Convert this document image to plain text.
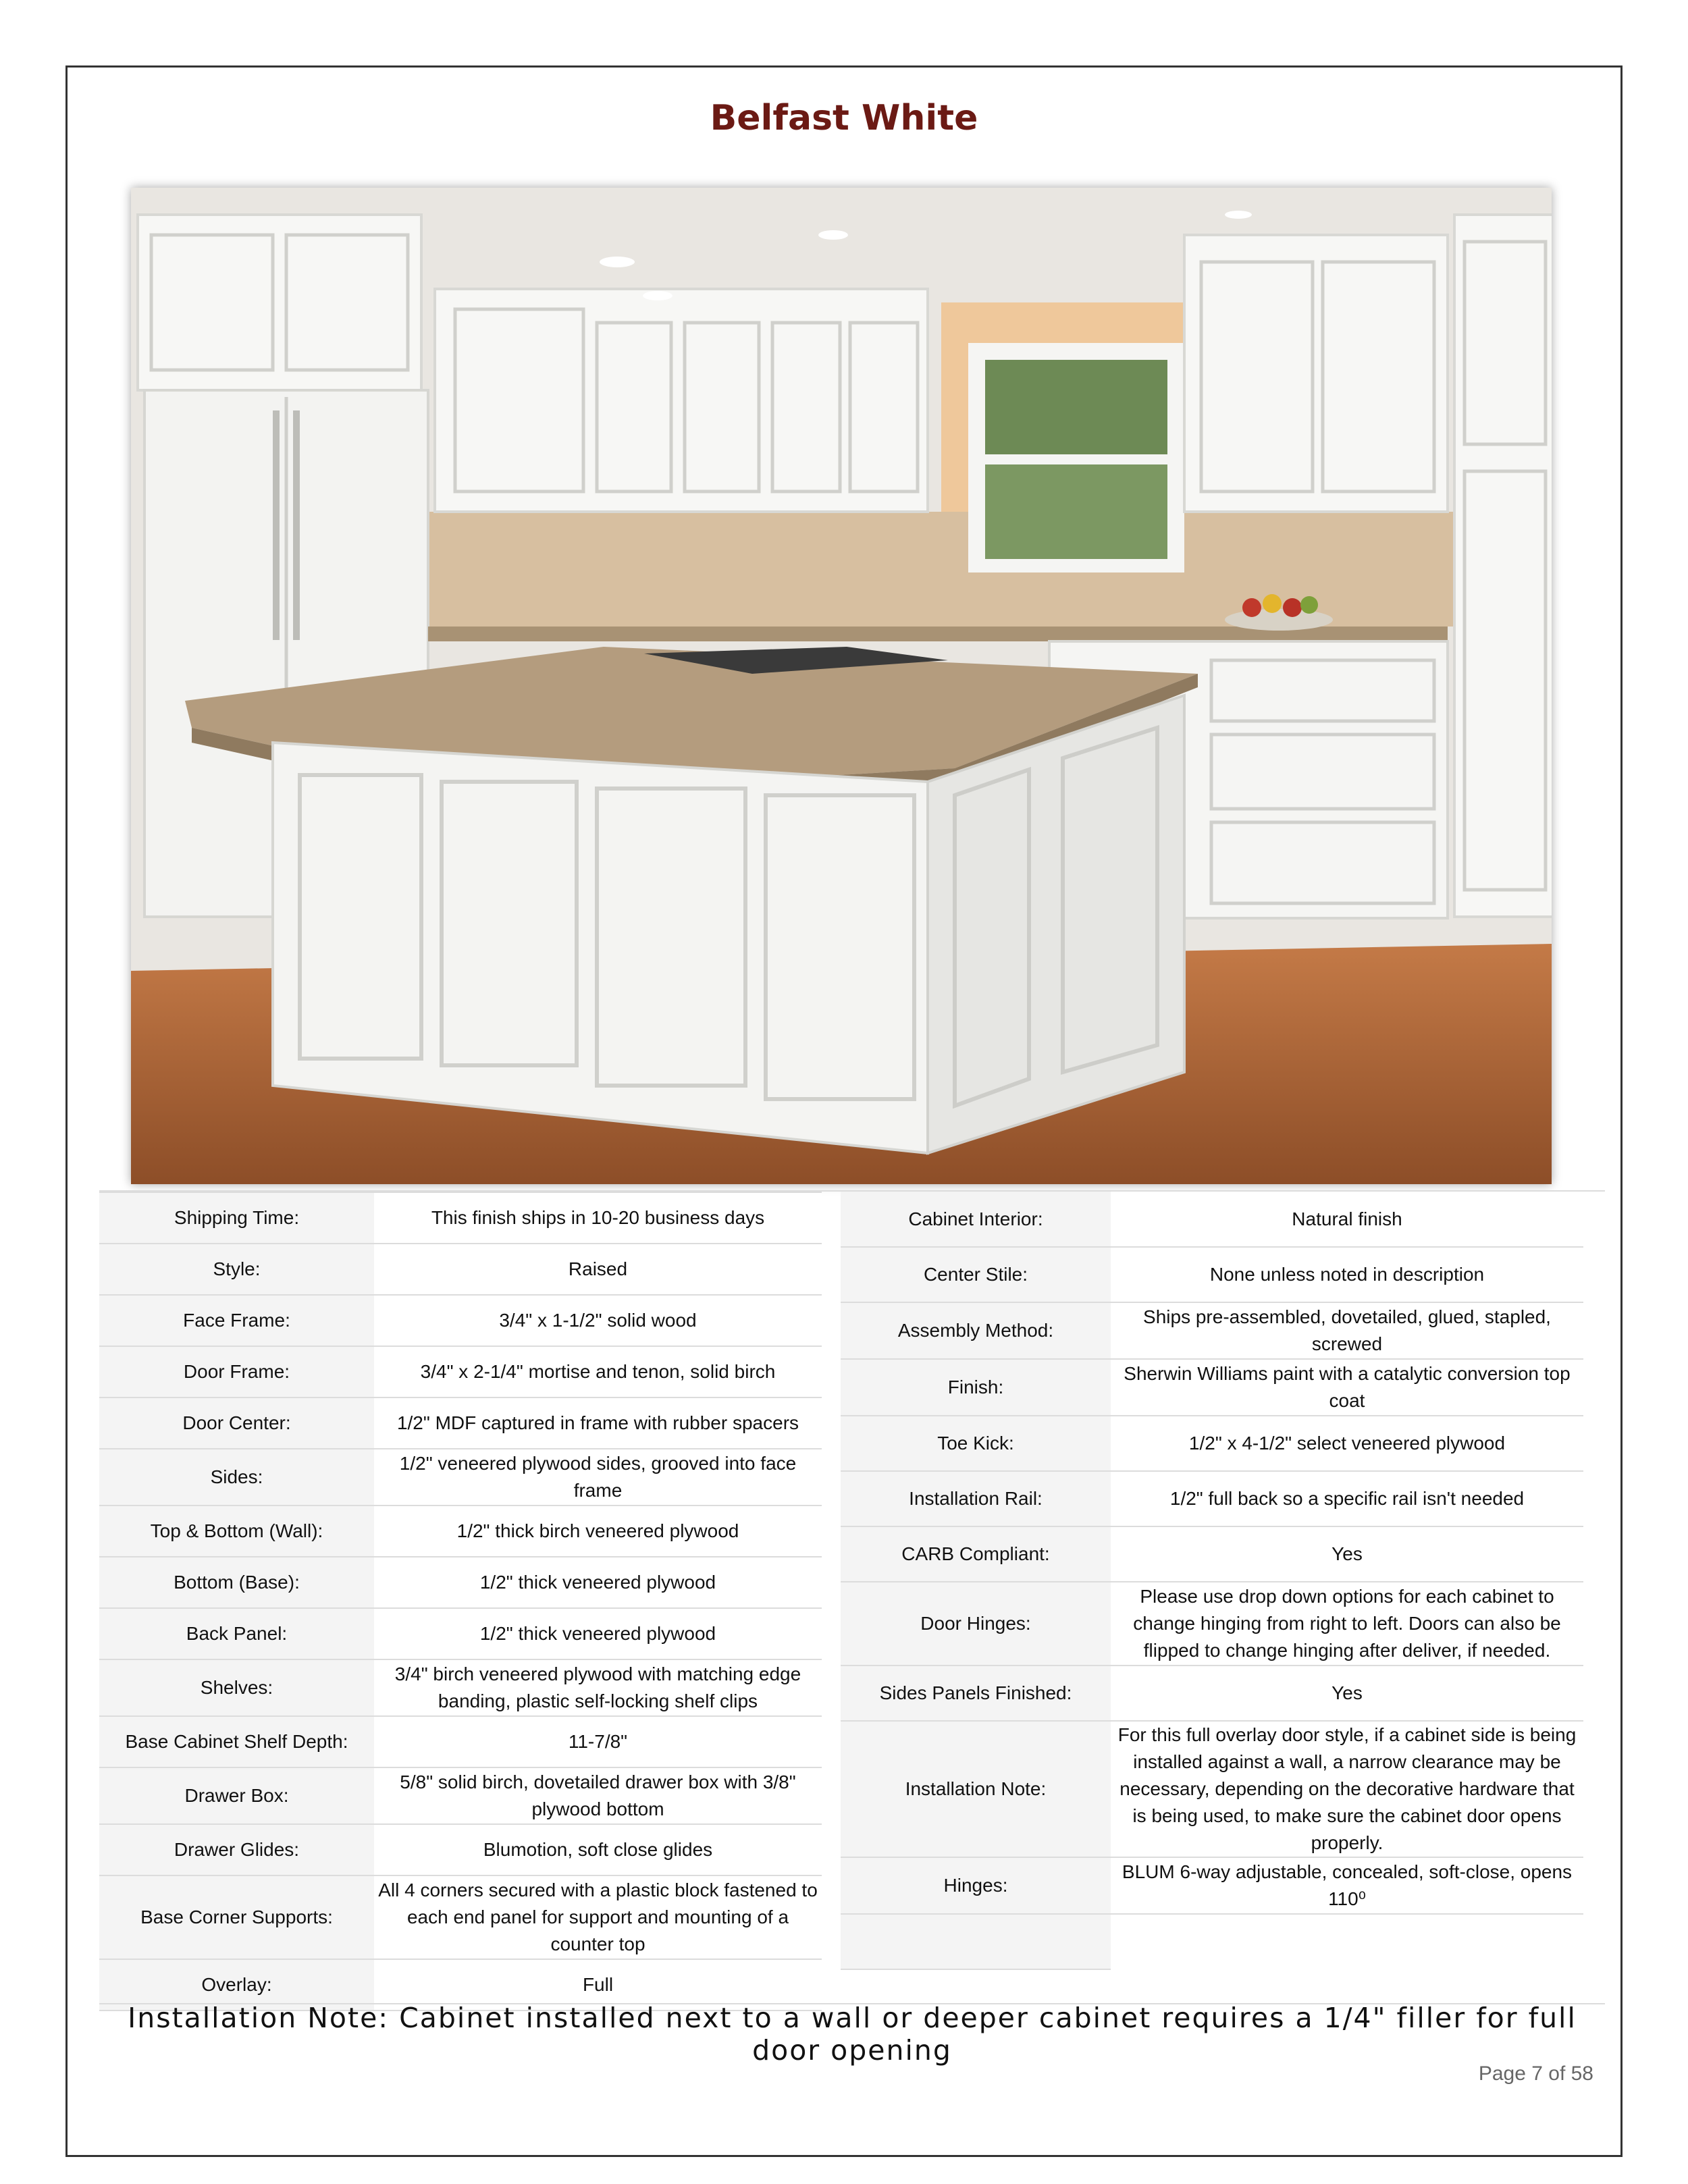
Belfast White
Shipping Time:	This finish ships in 10-20 business days
Style:	Raised
Face Frame:	3/4" x 1-1/2" solid wood
Door Frame:	3/4" x 2-1/4" mortise and tenon, solid birch
Door Center:	1/2" MDF captured in frame with rubber spacers
Sides:	1/2" veneered plywood sides, grooved into face frame
Top & Bottom (Wall):	1/2" thick birch veneered plywood
Bottom (Base):	1/2" thick veneered plywood
Back Panel:	1/2" thick veneered plywood
Shelves:	3/4" birch veneered plywood with matching edge banding, plastic self-locking shelf clips
Base Cabinet Shelf Depth:	11-7/8"
Drawer Box:	5/8" solid birch, dovetailed drawer box with 3/8" plywood bottom
Drawer Glides:	Blumotion, soft close glides
Base Corner Supports:	All 4 corners secured with a plastic block fastened to each end panel for support and mounting of a counter top
Overlay:	Full
Cabinet Interior:	Natural finish
Center Stile:	None unless noted in description
Assembly Method:	Ships pre-assembled, dovetailed, glued, stapled, screwed
Finish:	Sherwin Williams paint with a catalytic conversion top coat
Toe Kick:	1/2" x 4-1/2" select veneered plywood
Installation Rail:	1/2" full back so a specific rail isn't needed
CARB Compliant:	Yes
Door Hinges:	Please use drop down options for each cabinet to change hinging from right to left. Doors can also be flipped to change hinging after deliver, if needed.
Sides Panels Finished:	Yes
Installation Note:	For this full overlay door style, if a cabinet side is being installed against a wall, a narrow clearance may be necessary, depending on the decorative hardware that is being used, to make sure the cabinet door opens properly.
Hinges:	BLUM 6-way adjustable, concealed, soft-close, opens 110⁰

Installation Note: Cabinet installed next to a wall or deeper cabinet requires a 1/4" filler for full door opening
Page 7 of 58
